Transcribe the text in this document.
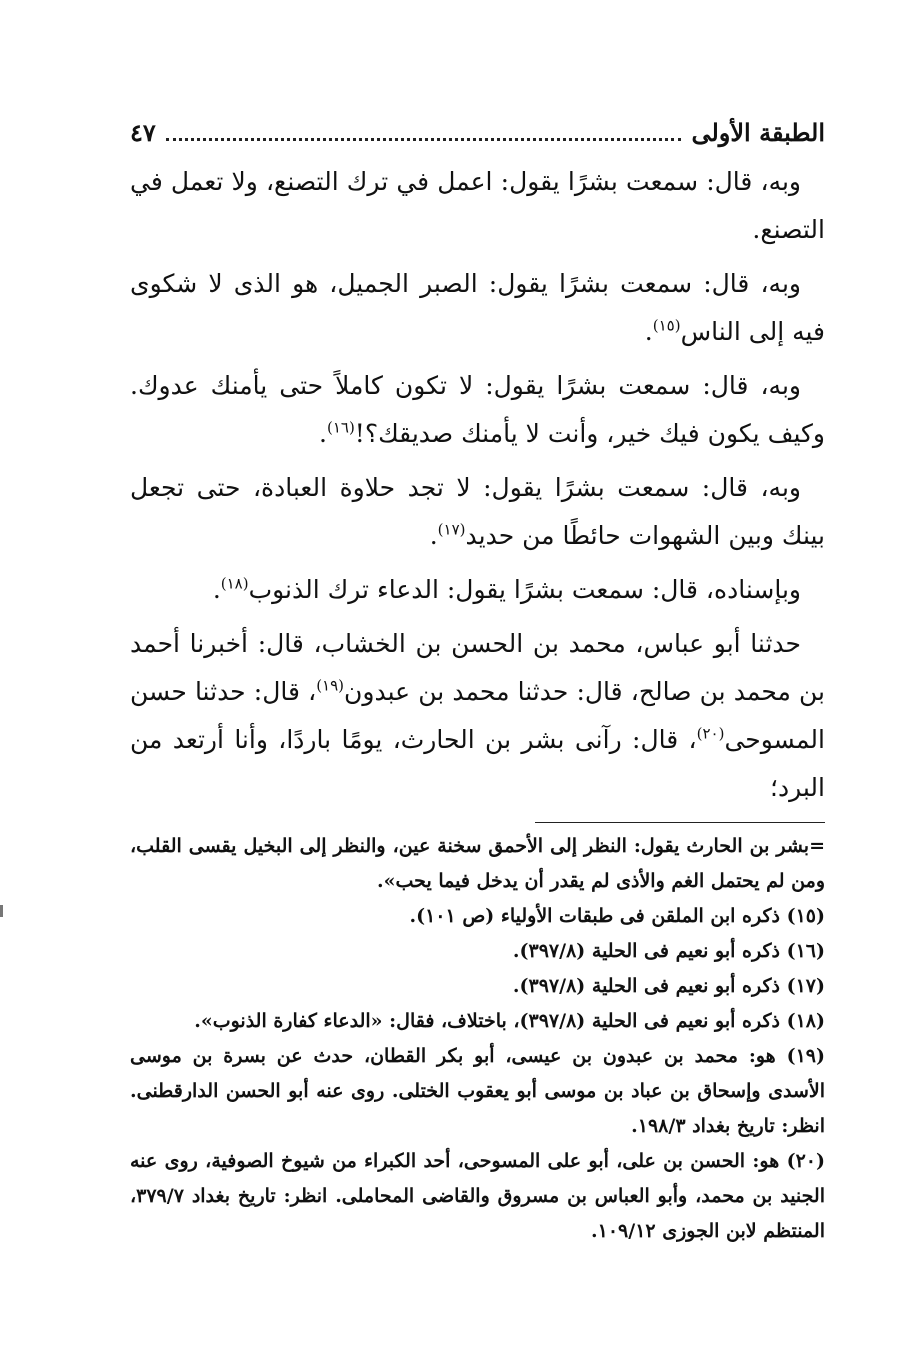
الطبقة الأولى
٤٧

وبه، قال: سمعت بشرًا يقول: اعمل في ترك التصنع، ولا تعمل في التصنع.

وبه، قال: سمعت بشرًا يقول: الصبر الجميل، هو الذى لا شكوى فيه إلى الناس$^{(١٥)}$.

وبه، قال: سمعت بشرًا يقول: لا تكون كاملاً حتى يأمنك عدوك. وكيف يكون فيك خير، وأنت لا يأمنك صديقك؟!$^{(١٦)}$.

وبه، قال: سمعت بشرًا يقول: لا تجد حلاوة العبادة، حتى تجعل بينك وبين الشهوات حائطًا من حديد$^{(١٧)}$.

وبإسناده، قال: سمعت بشرًا يقول: الدعاء ترك الذنوب$^{(١٨)}$.

حدثنا أبو عباس، محمد بن الحسن بن الخشاب، قال: أخبرنا أحمد بن محمد بن صالح، قال: حدثنا محمد بن عبدون$^{(١٩)}$، قال: حدثنا حسن المسوحى$^{(٢٠)}$، قال: رآنى بشر بن الحارث، يومًا باردًا، وأنا أرتعد من البرد؛

=بشر بن الحارث يقول: النظر إلى الأحمق سخنة عين، والنظر إلى البخيل يقسى القلب، ومن لم يحتمل الغم والأذى لم يقدر أن يدخل فيما يحب».

(١٥) ذكره ابن الملقن فى طبقات الأولياء (ص ١٠١).

(١٦) ذكره أبو نعيم فى الحلية (٣٩٧/٨).

(١٧) ذكره أبو نعيم فى الحلية (٣٩٧/٨).

(١٨) ذكره أبو نعيم فى الحلية (٣٩٧/٨)، باختلاف، فقال: «الدعاء كفارة الذنوب».

(١٩) هو: محمد بن عبدون بن عيسى، أبو بكر القطان، حدث عن بسرة بن موسى الأسدى وإسحاق بن عباد بن موسى أبو يعقوب الختلى. روى عنه أبو الحسن الدارقطنى. انظر: تاريخ بغداد ١٩٨/٣.

(٢٠) هو: الحسن بن على، أبو على المسوحى، أحد الكبراء من شيوخ الصوفية، روى عنه الجنيد بن محمد، وأبو العباس بن مسروق والقاضى المحاملى. انظر: تاريخ بغداد ٣٧٩/٧، المنتظم لابن الجوزى ١٠٩/١٢.
